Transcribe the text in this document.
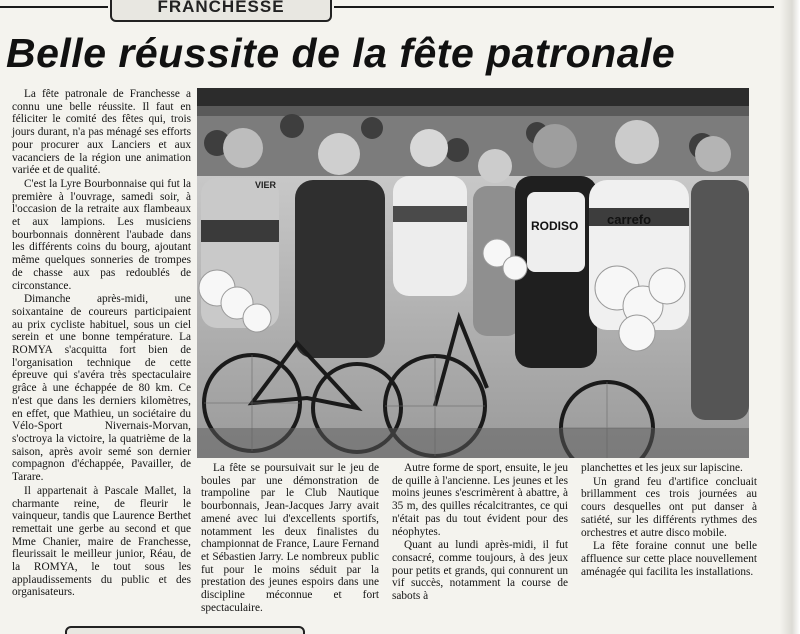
FRANCHESSE
Belle réussite de la fête patronale
VIER
RODISO carrefo

La fête patronale de Franchesse a connu une belle réussite. Il faut en féliciter le comité des fêtes qui, trois jours durant, n'a pas ménagé ses efforts pour procurer aux Lanciers et aux vacanciers de la région une animation variée et de qualité.

C'est la Lyre Bourbonnaise qui fut la première à l'ouvrage, samedi soir, à l'occasion de la retraite aux flambeaux et aux lampions. Les musiciens bourbonnais donnèrent l'aubade dans les différents coins du bourg, ajoutant même quelques sonneries de trompes de chasse aux pas redoublés de circonstance.

Dimanche après-midi, une soixantaine de coureurs participaient au prix cycliste habituel, sous un ciel serein et une bonne température. La ROMYA s'acquitta fort bien de l'organisation technique de cette épreuve qui s'avéra très spectaculaire grâce à une échappée de 80 km. Ce n'est que dans les derniers kilomètres, en effet, que Mathieu, un sociétaire du Vélo-Sport Nivernais-Morvan, s'octroya la victoire, la quatrième de la saison, après avoir semé son dernier compagnon d'échappée, Pavailler, de Tarare.

Il appartenait à Pascale Mallet, la charmante reine, de fleurir le vainqueur, tandis que Laurence Berthet remettait une gerbe au second et que Mme Chanier, maire de Franchesse, fleurissait le meilleur junior, Réau, de la ROMYA, le tout sous les applaudissements du public et des organisateurs.

La fête se poursuivait sur le jeu de boules par une démonstration de trampoline par le Club Nautique bourbonnais, Jean-Jacques Jarry avait amené avec lui d'excellents sportifs, notamment les deux finalistes du championnat de France, Laure Fernand et Sébastien Jarry. Le nombreux public fut pour le moins séduit par la prestation des jeunes espoirs dans une discipline méconnue et fort spectaculaire.

Autre forme de sport, ensuite, le jeu de quille à l'ancienne. Les jeunes et les moins jeunes s'escrimèrent à abattre, à 35 m, des quilles récalcitrantes, ce qui n'était pas du tout évident pour des néophytes.

Quant au lundi après-midi, il fut consacré, comme toujours, à des jeux pour petits et grands, qui connurent un vif succès, notamment la course de sabots à

planchettes et les jeux sur lapiscine.

Un grand feu d'artifice concluait brillamment ces trois journées au cours desquelles ont put danser à satiété, sur les différents rythmes des orchestres et autre disco mobile.

La fête foraine connut une belle affluence sur cette place nouvellement aménagée qui facilita les installations.
